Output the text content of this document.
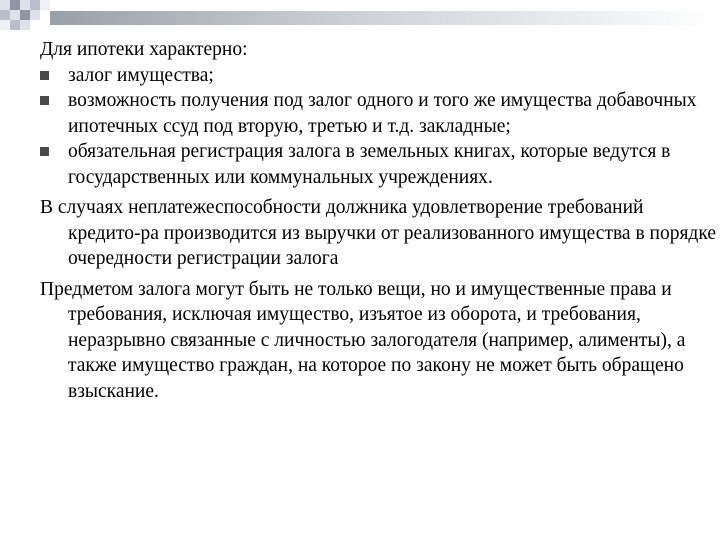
Для ипотеки характерно:

залог имущества;

возможность получения под залог одного и того же имущества добавочных ипотечных ссуд под вторую, третью и т.д. закладные;

обязательная регистрация залога в земельных книгах, которые ведутся в государственных или коммунальных учреждениях.

В случаях неплатежеспособности должника удовлетворение требований кредито-ра производится из выручки от реализованного имущества в порядке очередности регистрации залога

Предметом залога могут быть не только вещи, но и имущественные права и требования, исключая имущество, изъятое из оборота, и требования, неразрывно связанные с личностью залогодателя (например, алименты), а также имущество граждан, на которое по закону не может быть обращено взыскание.
